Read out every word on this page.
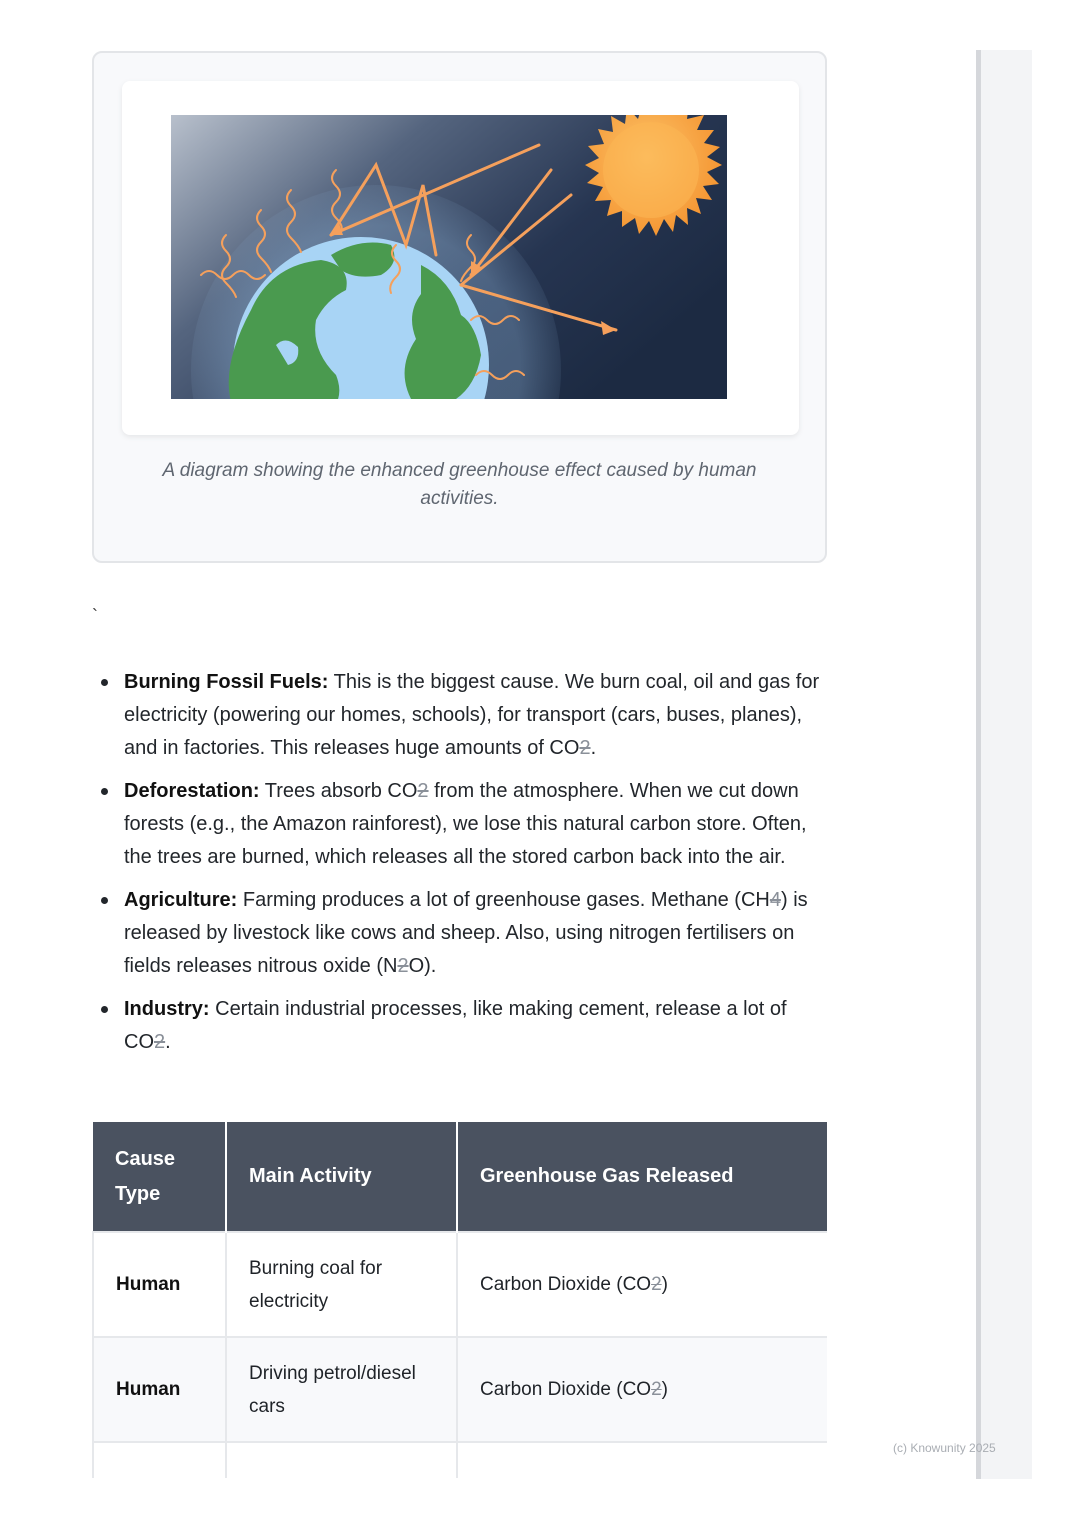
A diagram showing the enhanced greenhouse effect caused by human activities.
`
Burning Fossil Fuels: This is the biggest cause. We burn coal, oil and gas for electricity (powering our homes, schools), for transport (cars, buses, planes), and in factories. This releases huge amounts of CO2.
Deforestation: Trees absorb CO2 from the atmosphere. When we cut down forests (e.g., the Amazon rainforest), we lose this natural carbon store. Often, the trees are burned, which releases all the stored carbon back into the air.
Agriculture: Farming produces a lot of greenhouse gases. Methane (CH4) is released by livestock like cows and sheep. Also, using nitrogen fertilisers on fields releases nitrous oxide (N2O).
Industry: Certain industrial processes, like making cement, release a lot of CO2.
Cause Type	Main Activity	Greenhouse Gas Released
Human	Burning coal for electricity	Carbon Dioxide (CO2)
Human	Driving petrol/diesel cars	Carbon Dioxide (CO2)

(c) Knowunity 2025
